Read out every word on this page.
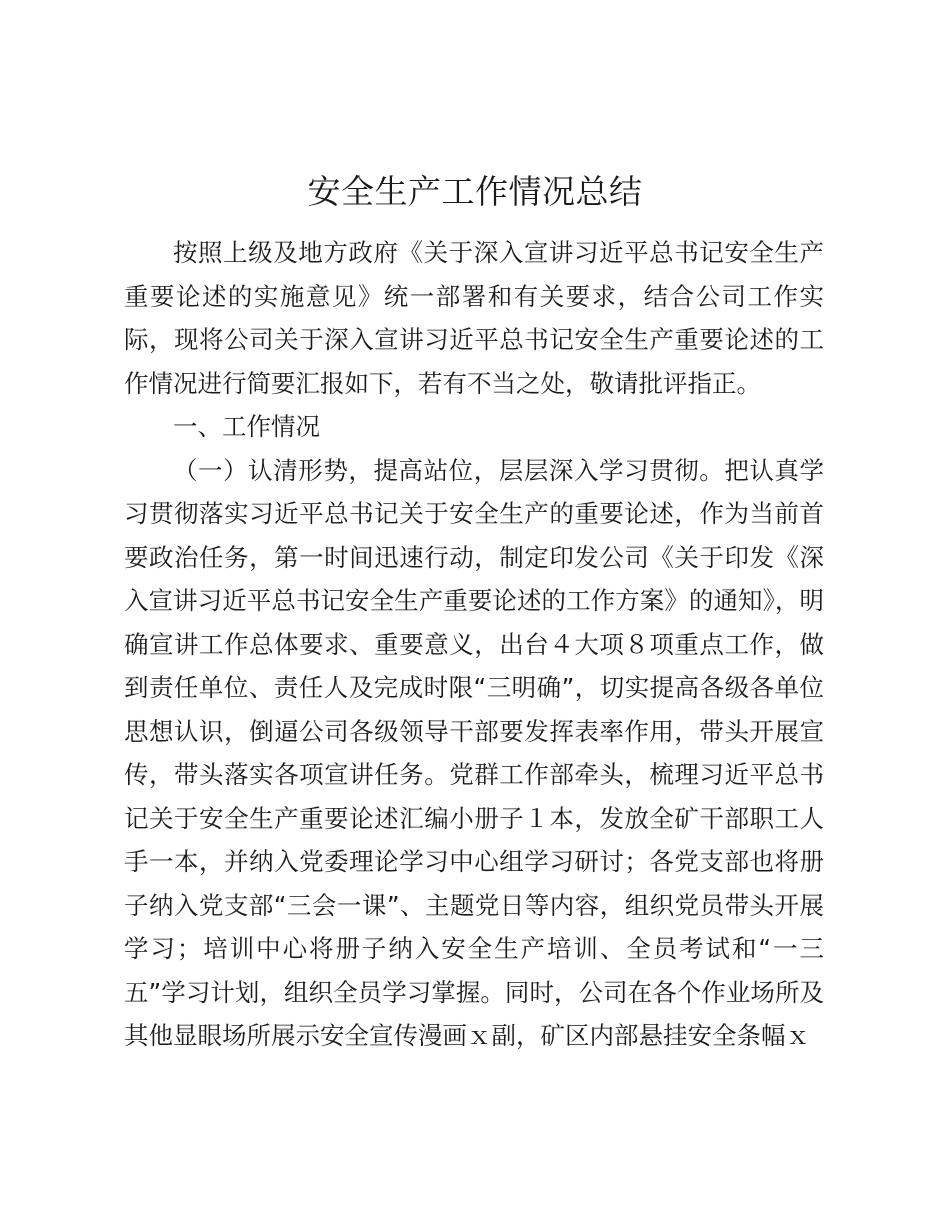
安全生产工作情况总结

按照上级及地方政府《关于深入宣讲习近平总书记安全生产重要论述的实施意见》统一部署和有关要求，结合公司工作实际，现将公司关于深入宣讲习近平总书记安全生产重要论述的工作情况进行简要汇报如下，若有不当之处，敬请批评指正。

一、工作情况

（一）认清形势，提高站位，层层深入学习贯彻。把认真学习贯彻落实习近平总书记关于安全生产的重要论述，作为当前首要政治任务，第一时间迅速行动，制定印发公司《关于印发《深入宣讲习近平总书记安全生产重要论述的工作方案》的通知》，明确宣讲工作总体要求、重要意义，出台４大项８项重点工作，做到责任单位、责任人及完成时限“三明确”，切实提高各级各单位思想认识，倒逼公司各级领导干部要发挥表率作用，带头开展宣传，带头落实各项宣讲任务。党群工作部牵头，梳理习近平总书记关于安全生产重要论述汇编小册子１本，发放全矿干部职工人手一本，并纳入党委理论学习中心组学习研讨；各党支部也将册子纳入党支部“三会一课”、主题党日等内容，组织党员带头开展学习；培训中心将册子纳入安全生产培训、全员考试和“一三五”学习计划，组织全员学习掌握。同时，公司在各个作业场所及其他显眼场所展示安全宣传漫画ｘ副，矿区内部悬挂安全条幅ｘ
